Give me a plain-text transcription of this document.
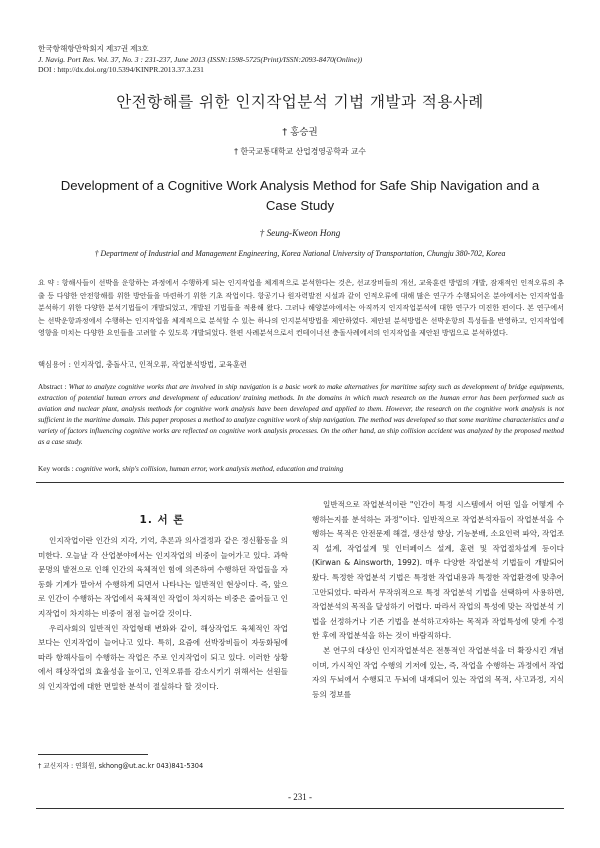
한국항해항만학회지 제37권 제3호
J. Navig. Port Res. Vol. 37, No. 3 : 231-237, June 2013 (ISSN:1598-5725(Print)/ISSN:2093-8470(Online))
DOI : http://dx.doi.org/10.5394/KINPR.2013.37.3.231
안전항해를 위한 인지작업분석 기법 개발과 적용사례
† 홍승권
† 한국교통대학교 산업경영공학과 교수
Development of a Cognitive Work Analysis Method for Safe Ship Navigation and a
Case Study
† Seung-Kweon Hong
† Department of Industrial and Management Engineering, Korea National University of Transportation, Chungju 380-702, Korea
요 약 : 항해사들이 선박을 운항하는 과정에서 수행하게 되는 인지작업을 체계적으로 분석한다는 것은, 선교장비들의 개선, 교육훈련 방법의 개발, 잠재적인 인적오류의 추출 등 다양한 안전항해를 위한 방안들을 마련하기 위한 기초 작업이다. 항공기나 원자력발전 시설과 같이 인적오류에 대해 많은 연구가 수행되어온 분야에서는 인지작업을 분석하기 위한 다양한 분석기법들이 개발되었고, 개발된 기법들을 적용해 왔다. 그러나 해양분야에서는 아직까지 인지작업분석에 대한 연구가 미진한 편이다. 본 연구에서는 선박운항과정에서 수행하는 인지작업을 체계적으로 분석할 수 있는 하나의 인지분석방법을 제안하였다. 제안된 분석방법은 선박운항의 특성들을 반영하고, 인지작업에 영향을 미치는 다양한 요인들을 고려할 수 있도록 개발되었다. 한편 사례분석으로서 컨테이너선 충돌사례에서의 인지작업을 제안된 방법으로 분석하였다.
핵심용어 : 인지작업, 충돌사고, 인적오류, 작업분석방법, 교육훈련
Abstract : What to analyze cognitive works that are involved in ship navigation is a basic work to make alternatives for maritime safety such as development of bridge equipments, extraction of potential human errors and development of education/ training methods. In the domains in which much research on the human error has been performed such as aviation and nuclear plant, analysis methods for cognitive work analysis have been developed and applied to them. However, the research on the cognitive work analysis is not sufficient in the maritime domain. This paper proposes a method to analyze cognitive work of ship navigation. The method was developed so that some maritime characteristics and a variety of factors influencing cognitive works are reflected on cognitive work analysis processes. On the other hand, an ship collision accident was analyzed by the proposed method as a case study.
Key words : cognitive work, ship's collision, human error, work analysis method, education and training
1. 서 론

인지작업이란 인간의 지각, 기억, 추론과 의사결정과 같은 정신활동을 의미한다. 오늘날 각 산업분야에서는 인지작업의 비중이 늘어가고 있다. 과학문명의 발전으로 인해 인간의 육체적인 힘에 의존하여 수행하던 작업들을 자동화 기계가 맡아서 수행하게 되면서 나타나는 일반적인 현상이다. 즉, 앞으로 인간이 수행하는 작업에서 육체적인 작업이 차지하는 비중은 줄어들고 인지작업이 차지하는 비중이 점점 늘어갈 것이다.

우리사회의 일반적인 작업형태 변화와 같이, 해상작업도 육체적인 작업보다는 인지작업이 늘어나고 있다. 특히, 요즘에 선박장비들이 자동화됨에 따라 항해사들이 수행하는 작업은 주로 인지작업이 되고 있다. 이러한 상황에서 해상작업의 효율성을 높이고, 인적오류를 감소시키기 위해서는 선원들의 인지작업에 대한 면밀한 분석이 절실하다 할 것이다.

일반적으로 작업분석이란 "인간이 특정 시스템에서 어떤 일을 어떻게 수행하는지를 분석하는 과정"이다. 일반적으로 작업분석자들이 작업분석을 수행하는 목적은 안전문제 해결, 생산성 향상, 기능분배, 소요인력 파악, 작업조직 설계, 작업설계 및 인터페이스 설계, 훈련 및 작업절차설계 등이다 (Kirwan & Ainsworth, 1992). 매우 다양한 작업분석 기법들이 개발되어 왔다. 특정한 작업분석 기법은 특정한 작업내용과 특정한 작업환경에 맞추어 고안되었다. 따라서 무작위적으로 특정 작업분석 기법을 선택하여 사용하면, 작업분석의 목적을 달성하기 어렵다. 따라서 작업의 특성에 맞는 작업분석 기법을 선정하거나 기존 기법을 분석하고자하는 목적과 작업특성에 맞게 수정한 후에 작업분석을 하는 것이 바람직하다.

본 연구의 대상인 인지작업분석은 전통적인 작업분석을 더 확장시킨 개념이며, 가시적인 작업 수행의 기저에 있는, 즉, 작업을 수행하는 과정에서 작업자의 두뇌에서 수행되고 두뇌에 내재되어 있는 작업의 목적, 사고과정, 지식 등의 정보를

† 교신저자 : 연회원, skhong@ut.ac.kr 043)841-5304
- 231 -
